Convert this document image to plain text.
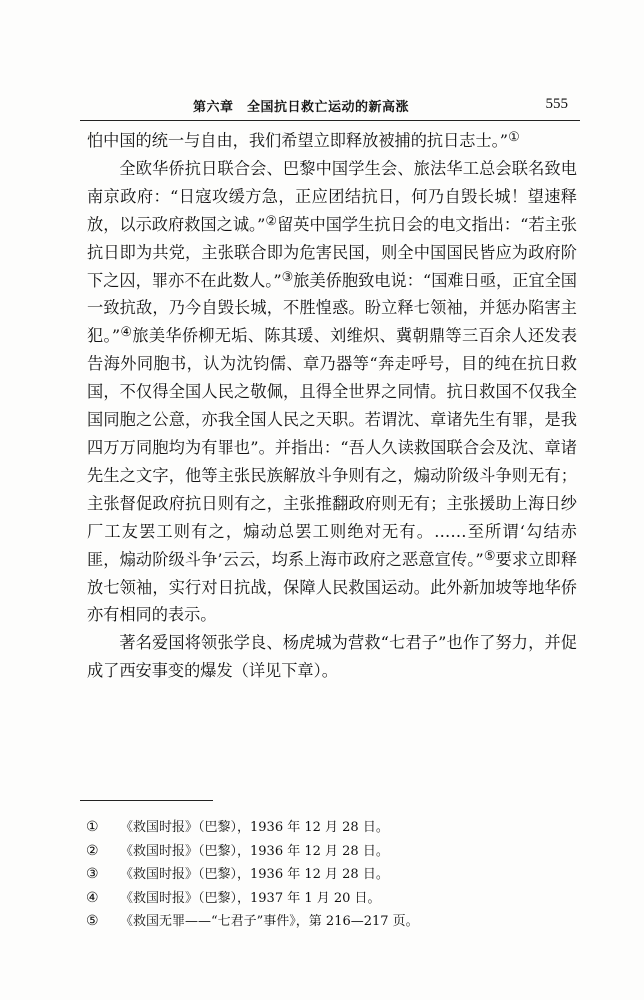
第六章　全国抗日救亡运动的新高涨	555

怕中国的统一与自由，我们希望立即释放被捕的抗日志士。”①

全欧华侨抗日联合会、巴黎中国学生会、旅法华工总会联名致电南京政府：“日寇攻缓方急，正应团结抗日，何乃自毁长城！望速释放，以示政府救国之诚。”②留英中国学生抗日会的电文指出：“若主张抗日即为共党，主张联合即为危害民国，则全中国国民皆应为政府阶下之囚，罪亦不在此数人。”③旅美侨胞致电说：“国难日亟，正宜全国一致抗敌，乃今自毁长城，不胜惶惑。盼立释七领袖，并惩办陷害主犯。”④旅美华侨柳无垢、陈其瑗、刘维炽、冀朝鼎等三百余人还发表告海外同胞书，认为沈钧儒、章乃器等“奔走呼号，目的纯在抗日救国，不仅得全国人民之敬佩，且得全世界之同情。抗日救国不仅我全国同胞之公意，亦我全国人民之天职。若谓沈、章诸先生有罪，是我四万万同胞均为有罪也”。并指出：“吾人久读救国联合会及沈、章诸先生之文字，他等主张民族解放斗争则有之，煽动阶级斗争则无有；主张督促政府抗日则有之，主张推翻政府则无有；主张援助上海日纱厂工友罢工则有之，煽动总罢工则绝对无有。……至所谓‘勾结赤匪，煽动阶级斗争’云云，均系上海市政府之恶意宣传。”⑤要求立即释放七领袖，实行对日抗战，保障人民救国运动。此外新加坡等地华侨亦有相同的表示。

著名爱国将领张学良、杨虎城为营救“七君子”也作了努力，并促成了西安事变的爆发（详见下章）。

① 《救国时报》（巴黎），1936 年 12 月 28 日。
② 《救国时报》（巴黎），1936 年 12 月 28 日。
③ 《救国时报》（巴黎），1936 年 12 月 28 日。
④ 《救国时报》（巴黎），1937 年 1 月 20 日。
⑤ 《救国无罪——“七君子”事件》，第 216—217 页。
